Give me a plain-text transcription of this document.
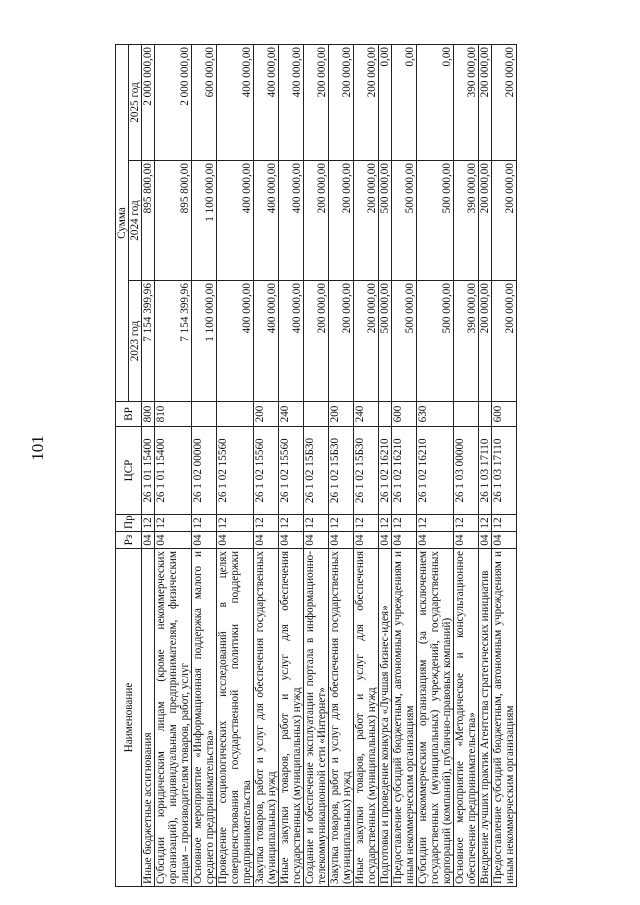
101
Наименование	Рз	Пр	ЦСР	ВР	Сумма		
					2023 год	2024 год	2025 год
Иные бюджетные ассигнования	04	12	26 1 01 15400	800	7 154 399,96	895 800,00	2 000 000,00
Субсидии юридическим лицам (кроме некоммерческих организаций), индивидуальным предпринимателям, физическим лицам – производителям товаров, работ, услуг	04	12	26 1 01 15400	810	7 154 399,96	895 800,00	2 000 000,00
Основное мероприятие «Информационная поддержка малого и среднего предпринимательства»	04	12	26 1 02 00000		1 100 000,00	1 100 000,00	600 000,00
Проведение социологических исследований в целях совершенствования государственной политики поддержки предпринимательства	04	12	26 1 02 15560		400 000,00	400 000,00	400 000,00
Закупка товаров, работ и услуг для обеспечения государственных (муниципальных) нужд	04	12	26 1 02 15560	200	400 000,00	400 000,00	400 000,00
Иные закупки товаров, работ и услуг для обеспечения государственных (муниципальных) нужд	04	12	26 1 02 15560	240	400 000,00	400 000,00	400 000,00
Создание и обеспечение эксплуатации портала в информационно-телекоммуникационной сети «Интернет»	04	12	26 1 02 15Б30		200 000,00	200 000,00	200 000,00
Закупка товаров, работ и услуг для обеспечения государственных (муниципальных) нужд	04	12	26 1 02 15Б30	200	200 000,00	200 000,00	200 000,00
Иные закупки товаров, работ и услуг для обеспечения государственных (муниципальных) нужд	04	12	26 1 02 15Б30	240	200 000,00	200 000,00	200 000,00
Подготовка и проведение конкурса «Лучшая бизнес-идея»	04	12	26 1 02 16210		500 000,00	500 000,00	0,00
Предоставление субсидий бюджетным, автономным учреждениям и иным некоммерческим организациям	04	12	26 1 02 16210	600	500 000,00	500 000,00	0,00
Субсидии некоммерческим организациям (за исключением государственных (муниципальных) учреждений, государственных корпораций (компаний), публично-правовых компаний)	04	12	26 1 02 16210	630	500 000,00	500 000,00	0,00
Основное мероприятие «Методическое и консультационное обеспечение предпринимательства»	04	12	26 1 03 00000		390 000,00	390 000,00	390 000,00
Внедрение лучших практик Агентства стратегических инициатив	04	12	26 1 03 17110		200 000,00	200 000,00	200 000,00
Предоставление субсидий бюджетным, автономным учреждениям и иным некоммерческим организациям	04	12	26 1 03 17110	600	200 000,00	200 000,00	200 000,00
